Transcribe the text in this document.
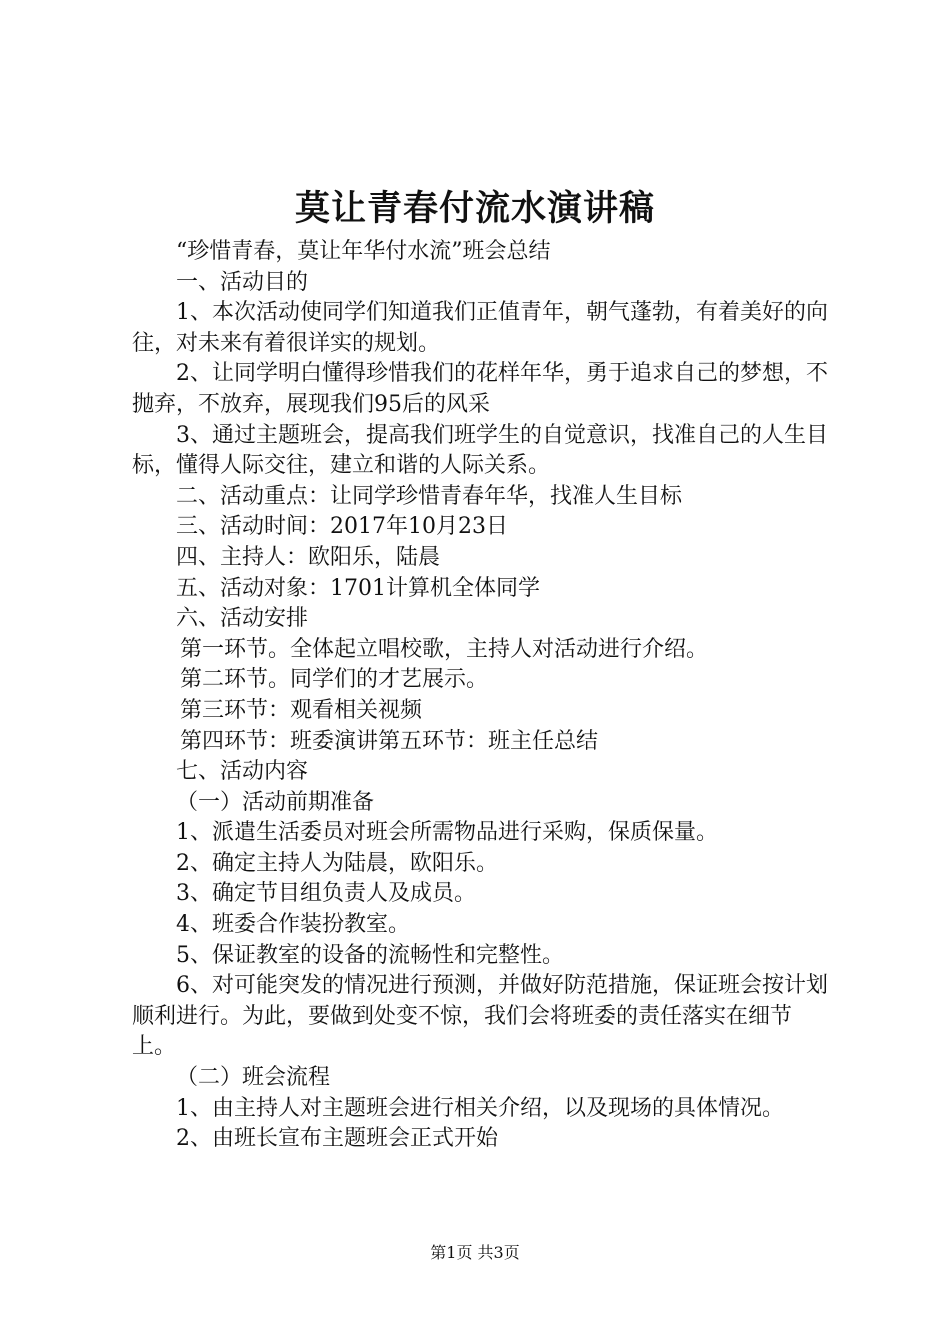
莫让青春付流水演讲稿

“珍惜青春，莫让年华付水流”班会总结

一、活动目的

1、本次活动使同学们知道我们正值青年，朝气蓬勃，有着美好的向往，对未来有着很详实的规划。

2、让同学明白懂得珍惜我们的花样年华，勇于追求自己的梦想，不抛弃，不放弃，展现我们95后的风采

3、通过主题班会，提高我们班学生的自觉意识，找准自己的人生目标，懂得人际交往，建立和谐的人际关系。

二、活动重点：让同学珍惜青春年华，找准人生目标

三、活动时间：2017年10月23日

四、主持人：欧阳乐，陆晨

五、活动对象：1701计算机全体同学

六、活动安排

第一环节。全体起立唱校歌，主持人对活动进行介绍。

第二环节。同学们的才艺展示。

第三环节：观看相关视频

第四环节：班委演讲第五环节：班主任总结

七、活动内容

（一）活动前期准备

1、派遣生活委员对班会所需物品进行采购，保质保量。

2、确定主持人为陆晨，欧阳乐。

3、确定节目组负责人及成员。

4、班委合作装扮教室。

5、保证教室的设备的流畅性和完整性。

6、对可能突发的情况进行预测，并做好防范措施，保证班会按计划顺利进行。为此，要做到处变不惊，我们会将班委的责任落实在细节上。

（二）班会流程

1、由主持人对主题班会进行相关介绍，以及现场的具体情况。

2、由班长宣布主题班会正式开始

第1页 共3页
